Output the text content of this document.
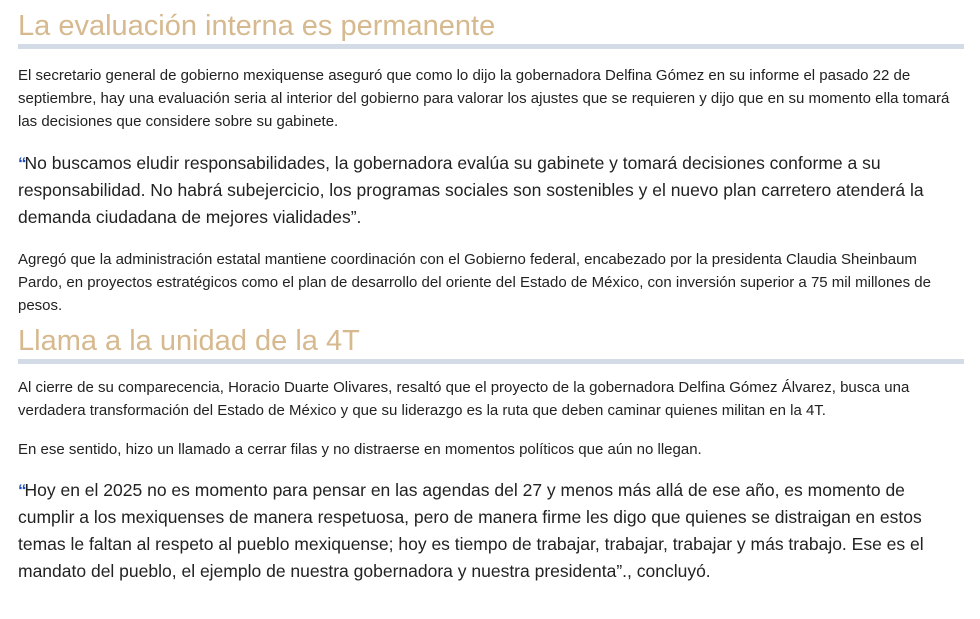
La evaluación interna es permanente

El secretario general de gobierno mexiquense aseguró que como lo dijo la gobernadora Delfina Gómez en su informe el pasado 22 de septiembre, hay una evaluación seria al interior del gobierno para valorar los ajustes que se requieren y dijo que en su momento ella tomará las decisiones que considere sobre su gabinete.

“No buscamos eludir responsabilidades, la gobernadora evalúa su gabinete y tomará decisiones conforme a su responsabilidad. No habrá subejercicio, los programas sociales son sostenibles y el nuevo plan carretero atenderá la demanda ciudadana de mejores vialidades”.

Agregó que la administración estatal mantiene coordinación con el Gobierno federal, encabezado por la presidenta Claudia Sheinbaum Pardo, en proyectos estratégicos como el plan de desarrollo del oriente del Estado de México, con inversión superior a 75 mil millones de pesos.

Llama a la unidad de la 4T

Al cierre de su comparecencia, Horacio Duarte Olivares, resaltó que el proyecto de la gobernadora Delfina Gómez Álvarez, busca una verdadera transformación del Estado de México y que su liderazgo es la ruta que deben caminar quienes militan en la 4T.

En ese sentido, hizo un llamado a cerrar filas y no distraerse en momentos políticos que aún no llegan.

“Hoy en el 2025 no es momento para pensar en las agendas del 27 y menos más allá de ese año, es momento de cumplir a los mexiquenses de manera respetuosa, pero de manera firme les digo que quienes se distraigan en estos temas le faltan al respeto al pueblo mexiquense; hoy es tiempo de trabajar, trabajar, trabajar y más trabajo. Ese es el mandato del pueblo, el ejemplo de nuestra gobernadora y nuestra presidenta”., concluyó.
